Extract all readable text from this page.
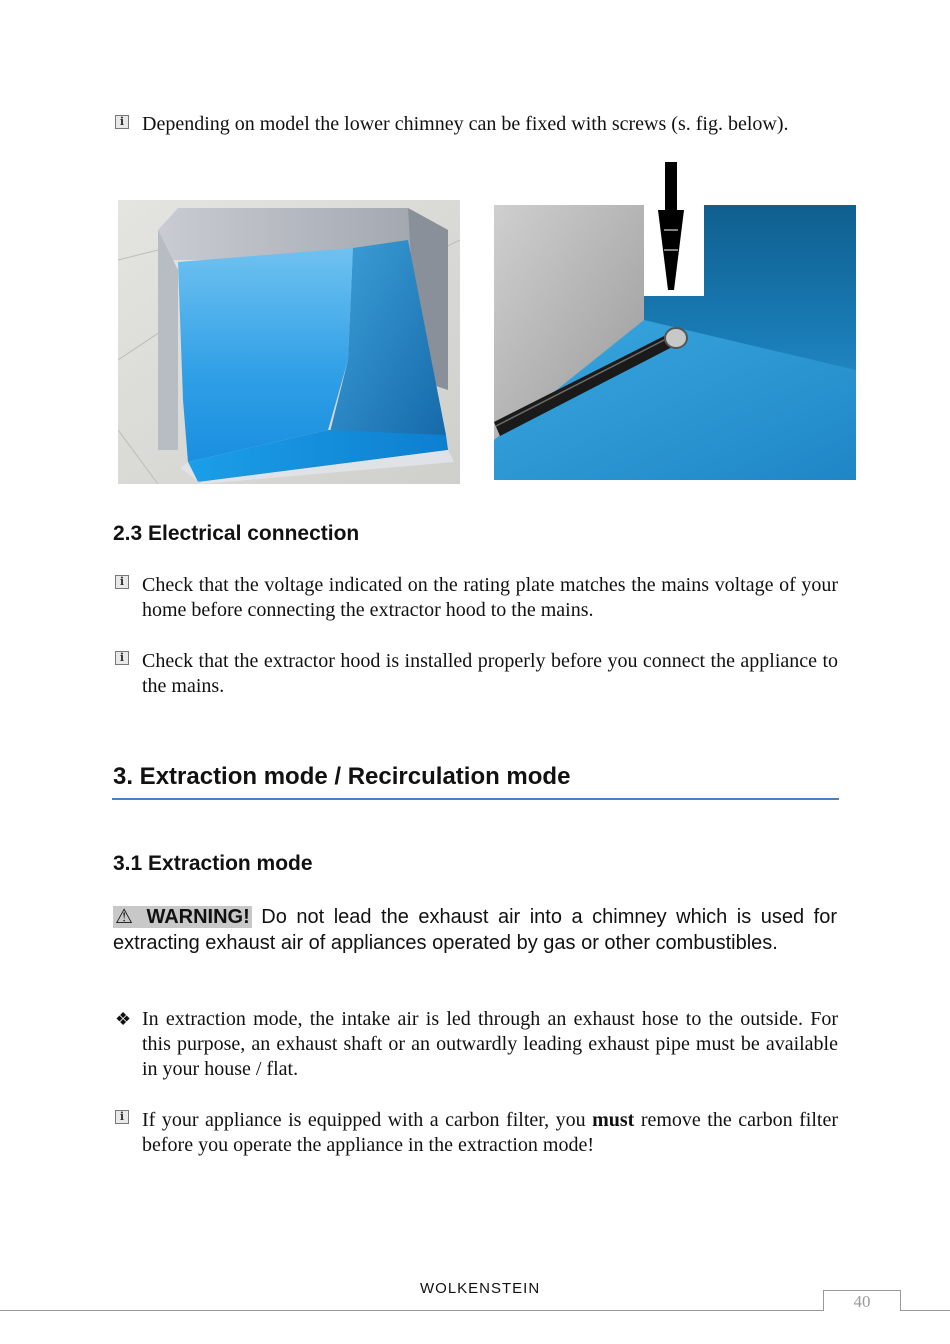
i Depending on model the lower chimney can be fixed with screws (s. fig. below).
2.3 Electrical connection
i Check that the voltage indicated on the rating plate matches the mains voltage of your home before connecting the extractor hood to the mains.
i Check that the extractor hood is installed properly before you connect the appliance to the mains.
3. Extraction mode / Recirculation mode
3.1 Extraction mode
⚠ WARNING! Do not lead the exhaust air into a chimney which is used for extracting exhaust air of appliances operated by gas or other combustibles.
❖ In extraction mode, the intake air is led through an exhaust hose to the outside. For this purpose, an exhaust shaft or an outwardly leading exhaust pipe must be available in your house / flat.
i If your appliance is equipped with a carbon filter, you must remove the carbon filter before you operate the appliance in the extraction mode!
WOLKENSTEIN
40
